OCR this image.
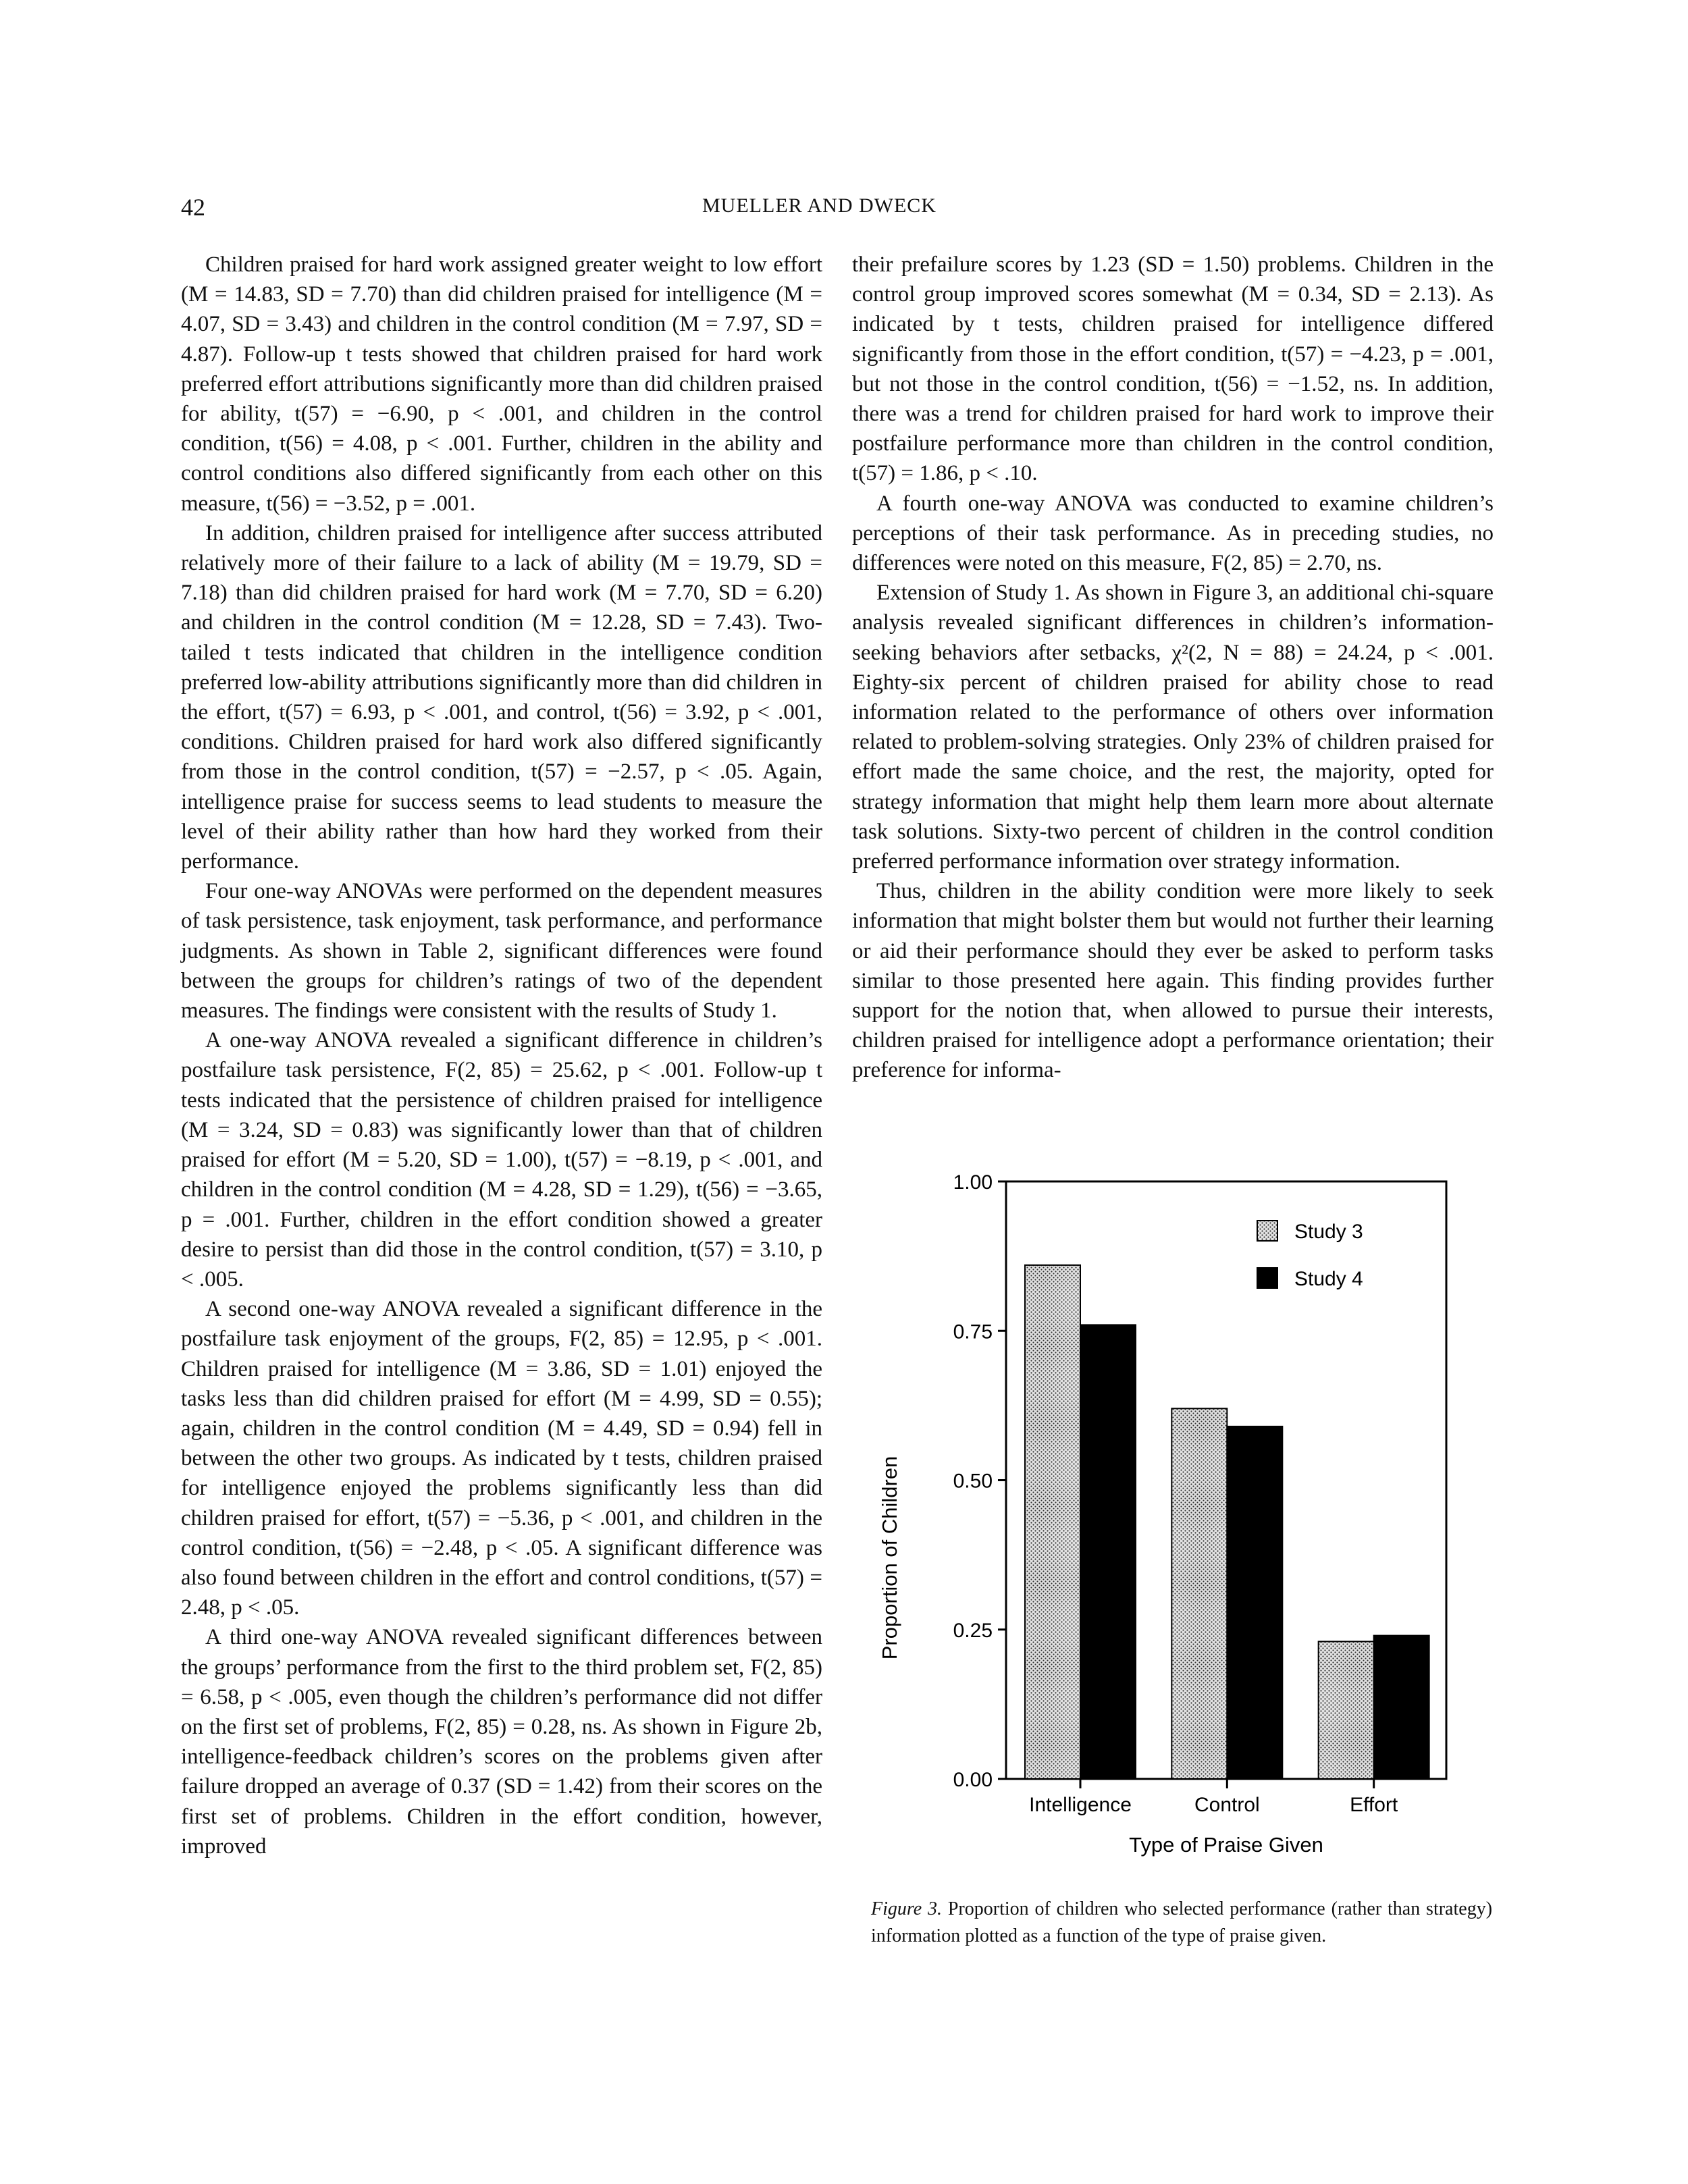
42	MUELLER AND DWECK

Children praised for hard work assigned greater weight to low effort (M = 14.83, SD = 7.70) than did children praised for intelligence (M = 4.07, SD = 3.43) and children in the control condition (M = 7.97, SD = 4.87). Follow-up t tests showed that children praised for hard work preferred effort attributions significantly more than did children praised for ability, t(57) = −6.90, p < .001, and children in the control condition, t(56) = 4.08, p < .001. Further, children in the ability and control conditions also differed significantly from each other on this measure, t(56) = −3.52, p = .001.

In addition, children praised for intelligence after success attributed relatively more of their failure to a lack of ability (M = 19.79, SD = 7.18) than did children praised for hard work (M = 7.70, SD = 6.20) and children in the control condition (M = 12.28, SD = 7.43). Two-tailed t tests indicated that children in the intelligence condition preferred low-ability attributions significantly more than did children in the effort, t(57) = 6.93, p < .001, and control, t(56) = 3.92, p < .001, conditions. Children praised for hard work also differed significantly from those in the control condition, t(57) = −2.57, p < .05. Again, intelligence praise for success seems to lead students to measure the level of their ability rather than how hard they worked from their performance.

Four one-way ANOVAs were performed on the dependent measures of task persistence, task enjoyment, task performance, and performance judgments. As shown in Table 2, significant differences were found between the groups for children’s ratings of two of the dependent measures. The findings were consistent with the results of Study 1.

A one-way ANOVA revealed a significant difference in children’s postfailure task persistence, F(2, 85) = 25.62, p < .001. Follow-up t tests indicated that the persistence of children praised for intelligence (M = 3.24, SD = 0.83) was significantly lower than that of children praised for effort (M = 5.20, SD = 1.00), t(57) = −8.19, p < .001, and children in the control condition (M = 4.28, SD = 1.29), t(56) = −3.65, p = .001. Further, children in the effort condition showed a greater desire to persist than did those in the control condition, t(57) = 3.10, p < .005.

A second one-way ANOVA revealed a significant difference in the postfailure task enjoyment of the groups, F(2, 85) = 12.95, p < .001. Children praised for intelligence (M = 3.86, SD = 1.01) enjoyed the tasks less than did children praised for effort (M = 4.99, SD = 0.55); again, children in the control condition (M = 4.49, SD = 0.94) fell in between the other two groups. As indicated by t tests, children praised for intelligence enjoyed the problems significantly less than did children praised for effort, t(57) = −5.36, p < .001, and children in the control condition, t(56) = −2.48, p < .05. A significant difference was also found between children in the effort and control conditions, t(57) = 2.48, p < .05.

A third one-way ANOVA revealed significant differences between the groups’ performance from the first to the third problem set, F(2, 85) = 6.58, p < .005, even though the children’s performance did not differ on the first set of problems, F(2, 85) = 0.28, ns. As shown in Figure 2b, intelligence-feedback children’s scores on the problems given after failure dropped an average of 0.37 (SD = 1.42) from their scores on the first set of problems. Children in the effort condition, however, improved

their prefailure scores by 1.23 (SD = 1.50) problems. Children in the control group improved scores somewhat (M = 0.34, SD = 2.13). As indicated by t tests, children praised for intelligence differed significantly from those in the effort condition, t(57) = −4.23, p = .001, but not those in the control condition, t(56) = −1.52, ns. In addition, there was a trend for children praised for hard work to improve their postfailure performance more than children in the control condition, t(57) = 1.86, p < .10.

A fourth one-way ANOVA was conducted to examine children’s perceptions of their task performance. As in preceding studies, no differences were noted on this measure, F(2, 85) = 2.70, ns.

Extension of Study 1. As shown in Figure 3, an additional chi-square analysis revealed significant differences in children’s information-seeking behaviors after setbacks, χ²(2, N = 88) = 24.24, p < .001. Eighty-six percent of children praised for ability chose to read information related to the performance of others over information related to problem-solving strategies. Only 23% of children praised for effort made the same choice, and the rest, the majority, opted for strategy information that might help them learn more about alternate task solutions. Sixty-two percent of children in the control condition preferred performance information over strategy information.

Thus, children in the ability condition were more likely to seek information that might bolster them but would not further their learning or aid their performance should they ever be asked to perform tasks similar to those presented here again. This finding provides further support for the notion that, when allowed to pursue their interests, children praised for intelligence adopt a performance orientation; their preference for informa-

0.00
0.25
0.50
0.75
1.00
Intelligence	Control	Effort
Type of Praise Given
Proportion of Children
Study 3
Study 4
Figure 3. Proportion of children who selected performance (rather than strategy) information plotted as a function of the type of praise given.
